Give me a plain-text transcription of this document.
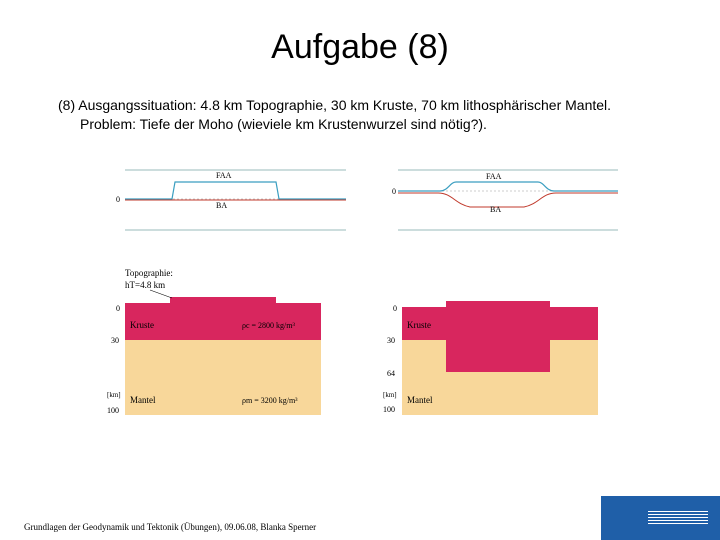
Aufgabe (8)
(8) Ausgangssituation: 4.8 km Topographie, 30 km Kruste, 70 km lithosphärischer Mantel.
Problem: Tiefe der Moho (wieviele km Krustenwurzel sind nötig?).
FAA
BA
0
Topographie:
hT=4.8 km
Kruste	ρc = 2800 kg/m³
Mantel	ρm = 3200 kg/m³
0
30
[km]
100
FAA
BA
0
Kruste
Mantel
0
30
64
[km]
100
Grundlagen der Geodynamik und Tektonik (Übungen), 09.06.08, Blanka Sperner
16
